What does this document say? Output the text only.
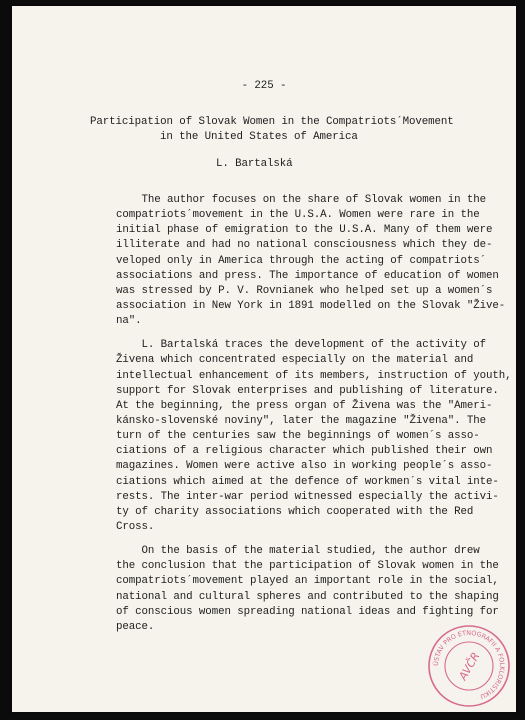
- 225 -
Participation of Slovak Women in the Compatriots´Movement
in the United States of America
L. Bartalská
The author focuses on the share of Slovak women in the
compatriots´movement in the U.S.A. Women were rare in the
initial phase of emigration to the U.S.A. Many of them were
illiterate and had no national consciousness which they de-
veloped only in America through the acting of compatriots´
associations and press. The importance of education of women
was stressed by P. V. Rovnianek who helped set up a women´s
association in New York in 1891 modelled on the Slovak "Živе-
na".
L. Bartalská traces the development of the activity of
Živena which concentrated especially on the material and
intellectual enhancement of its members, instruction of youth,
support for Slovak enterprises and publishing of literature.
At the beginning, the press organ of Živena was the "Ameri-
kánsko-slovenské noviny", later the magazine "Živena". The
turn of the centuries saw the beginnings of women´s asso-
ciations of a religious character which published their own
magazines. Women were active also in working people´s asso-
ciations which aimed at the defence of workmen´s vital inte-
rests. The inter-war period witnessed especially the activi-
ty of charity associations which cooperated with the Red
Cross.
On the basis of the material studied, the author drew
the conclusion that the participation of Slovak women in the
compatriots´movement played an important role in the social,
national and cultural spheres and contributed to the shaping
of conscious women spreading national ideas and fighting for
peace.
ÚSTAV PRO ETNOGRAFII A FOLKLORISTIKU
AVČR
